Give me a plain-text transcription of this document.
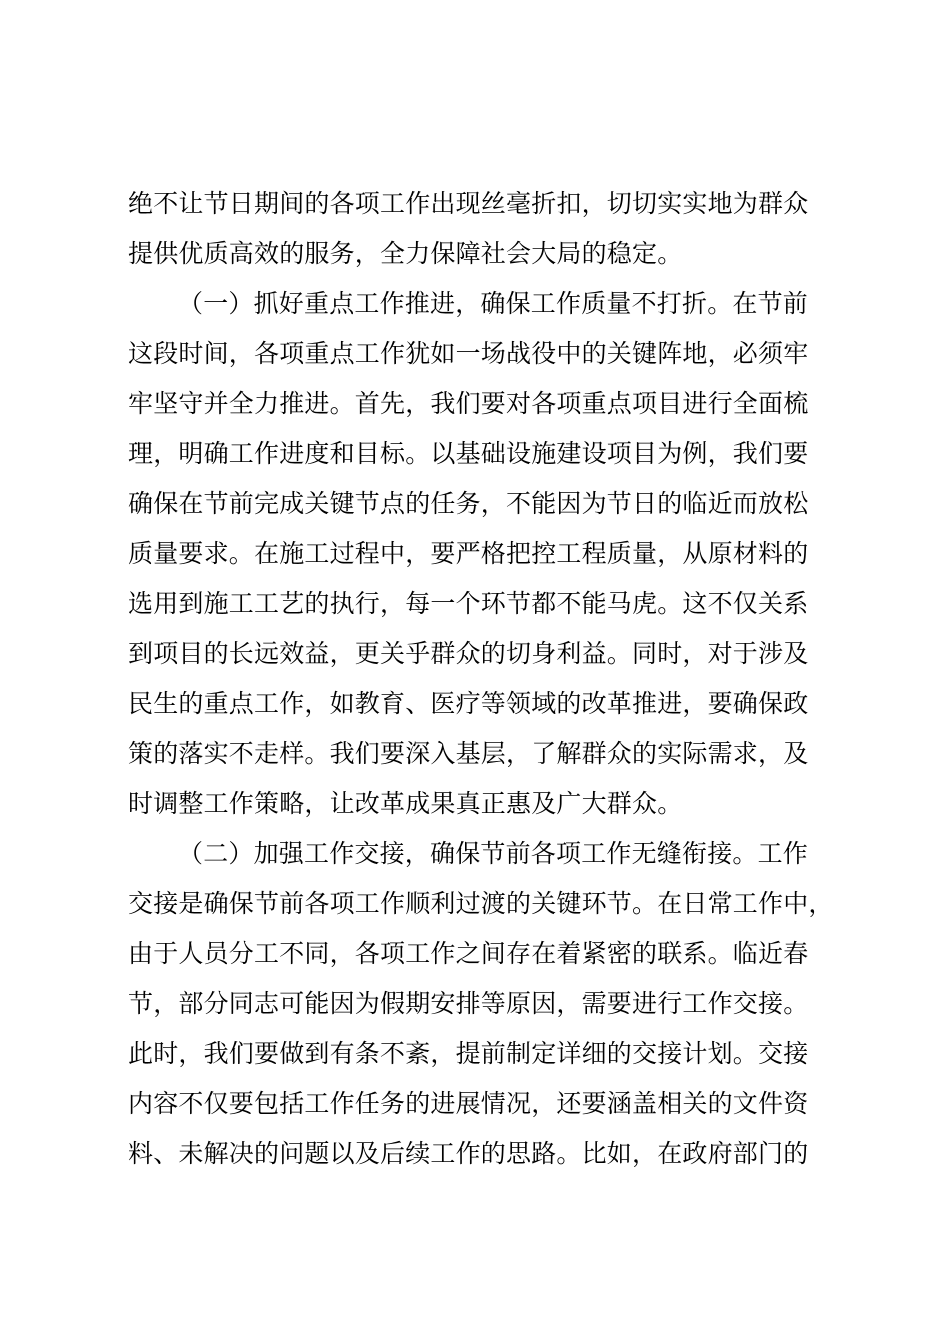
绝不让节日期间的各项工作出现丝毫折扣，切切实实地为群众
提供优质高效的服务，全力保障社会大局的稳定。
（一）抓好重点工作推进，确保工作质量不打折。在节前
这段时间，各项重点工作犹如一场战役中的关键阵地，必须牢
牢坚守并全力推进。首先，我们要对各项重点项目进行全面梳
理，明确工作进度和目标。以基础设施建设项目为例，我们要
确保在节前完成关键节点的任务，不能因为节日的临近而放松
质量要求。在施工过程中，要严格把控工程质量，从原材料的
选用到施工工艺的执行，每一个环节都不能马虎。这不仅关系
到项目的长远效益，更关乎群众的切身利益。同时，对于涉及
民生的重点工作，如教育、医疗等领域的改革推进，要确保政
策的落实不走样。我们要深入基层，了解群众的实际需求，及
时调整工作策略，让改革成果真正惠及广大群众。
（二）加强工作交接，确保节前各项工作无缝衔接。工作
交接是确保节前各项工作顺利过渡的关键环节。在日常工作中，
由于人员分工不同，各项工作之间存在着紧密的联系。临近春
节，部分同志可能因为假期安排等原因，需要进行工作交接。
此时，我们要做到有条不紊，提前制定详细的交接计划。交接
内容不仅要包括工作任务的进展情况，还要涵盖相关的文件资
料、未解决的问题以及后续工作的思路。比如，在政府部门的
